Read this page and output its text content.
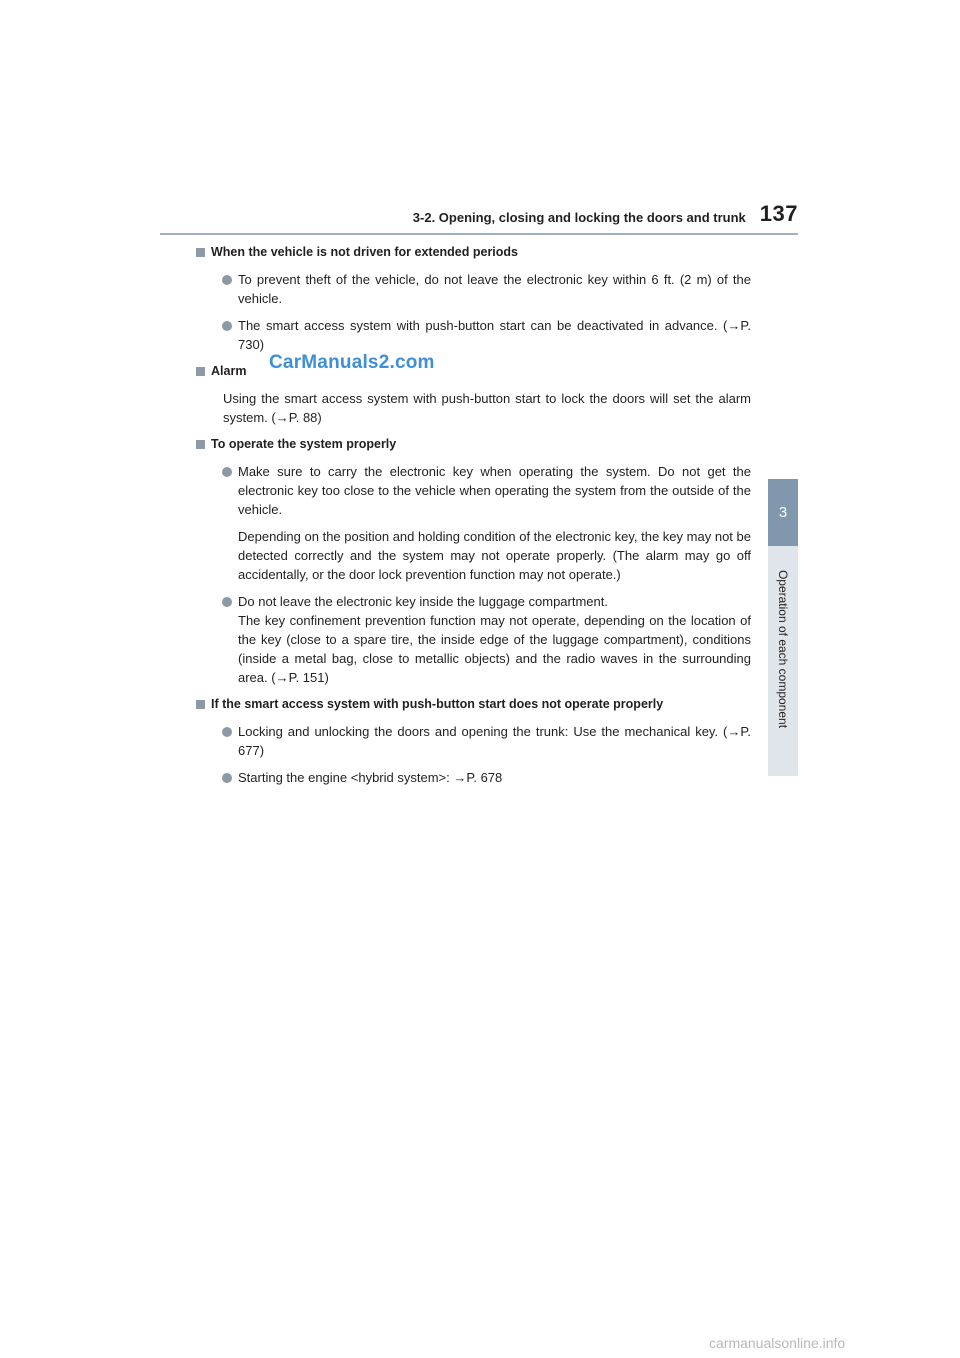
3-2. Opening, closing and locking the doors and trunk 137
3
Operation of each component
When the vehicle is not driven for extended periods
To prevent theft of the vehicle, do not leave the electronic key within 6 ft. (2 m) of the vehicle.
The smart access system with push-button start can be deactivated in advance. (→P. 730)
Alarm
Using the smart access system with push-button start to lock the doors will set the alarm system. (→P. 88)
To operate the system properly
Make sure to carry the electronic key when operating the system. Do not get the electronic key too close to the vehicle when operating the system from the outside of the vehicle.
Depending on the position and holding condition of the electronic key, the key may not be detected correctly and the system may not operate properly. (The alarm may go off accidentally, or the door lock prevention function may not operate.)
Do not leave the electronic key inside the luggage compartment.
The key confinement prevention function may not operate, depending on the location of the key (close to a spare tire, the inside edge of the luggage compartment), conditions (inside a metal bag, close to metallic objects) and the radio waves in the surrounding area. (→P. 151)
If the smart access system with push-button start does not operate properly
Locking and unlocking the doors and opening the trunk: Use the mechanical key. (→P. 677)
Starting the engine <hybrid system>: →P. 678
CarManuals2.com
carmanualsonline.info
